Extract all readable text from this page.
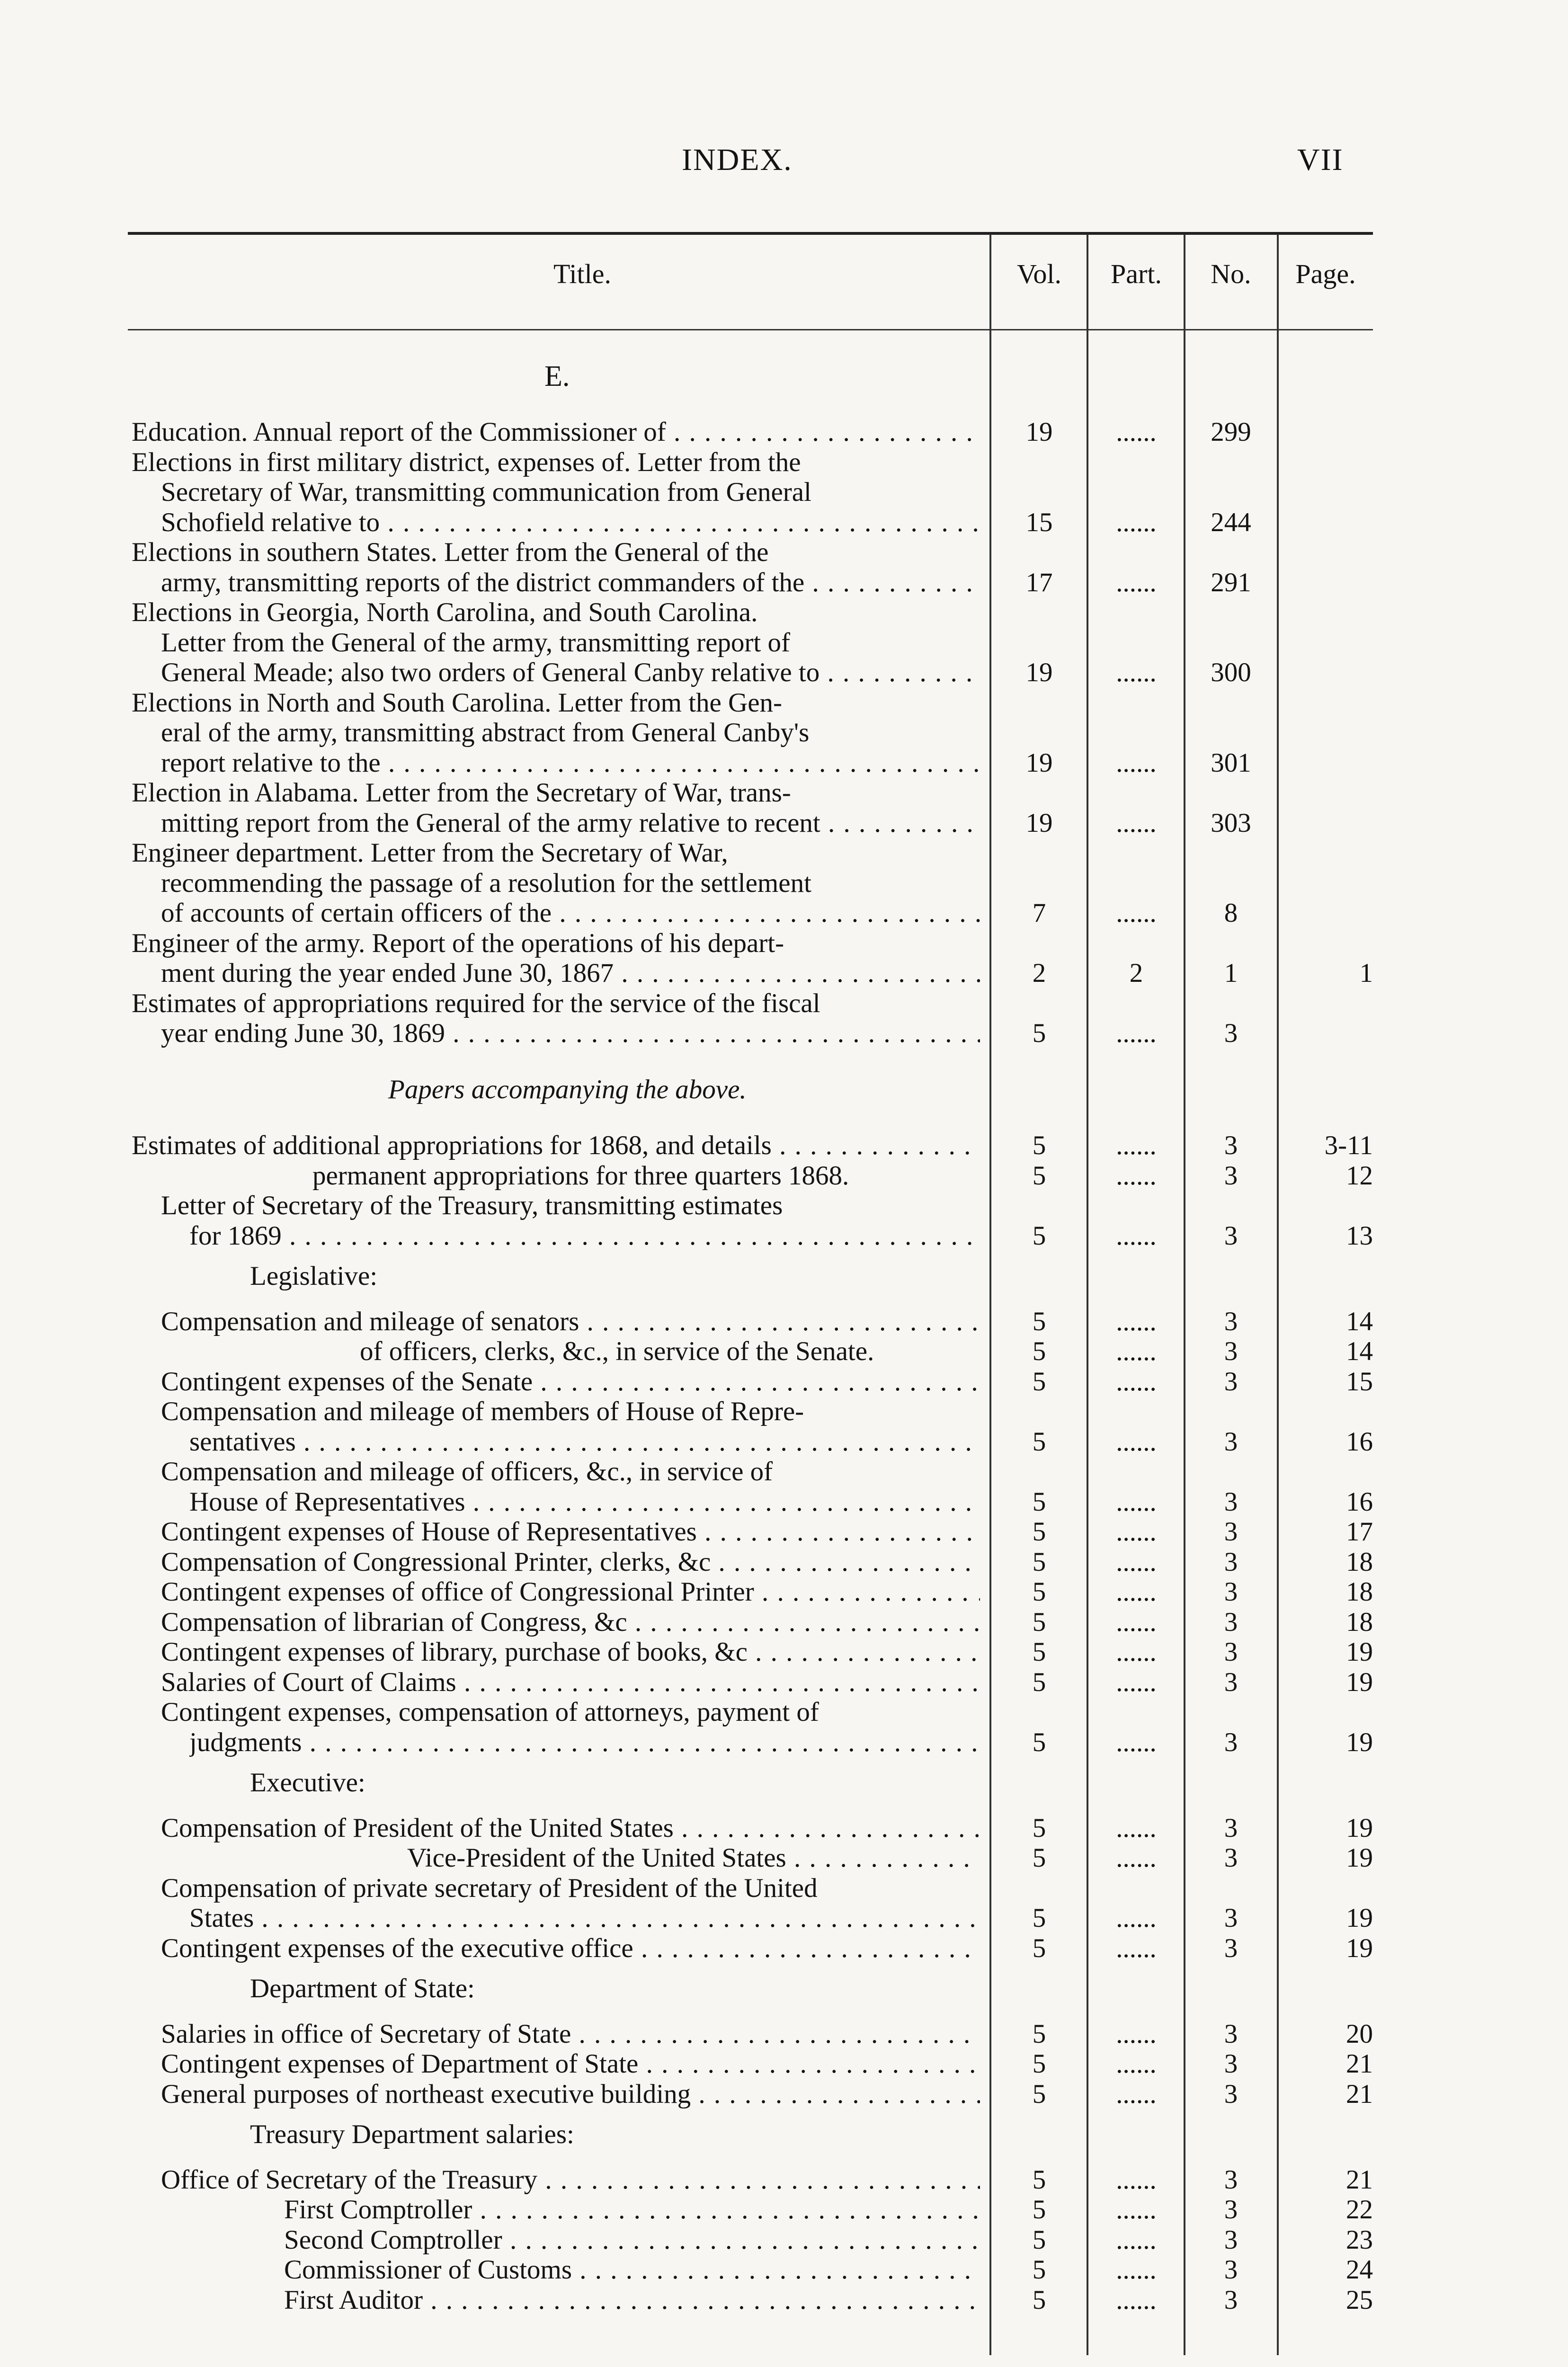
INDEX.	VII
Title.	Vol.	Part.	No.	Page.
E.
Education. Annual report of the Commissioner of . . .	19	......	299
Elections in first military district, expenses of. Letter from the
Secretary of War, transmitting communication from General
Schofield relative to . . .	15	......	244
Elections in southern States. Letter from the General of the
army, transmitting reports of the district commanders of the . . .	17	......	291
Elections in Georgia, North Carolina, and South Carolina.
Letter from the General of the army, transmitting report of
General Meade; also two orders of General Canby relative to . . .	19	......	300
Elections in North and South Carolina. Letter from the Gen-
eral of the army, transmitting abstract from General Canby's
report relative to the . . .	19	......	301
Election in Alabama. Letter from the Secretary of War, trans-
mitting report from the General of the army relative to recent . . .	19	......	303
Engineer department. Letter from the Secretary of War,
recommending the passage of a resolution for the settlement
of accounts of certain officers of the . . .	7	......	8
Engineer of the army. Report of the operations of his depart-
ment during the year ended June 30, 1867 . . .	2	2	1	1
Estimates of appropriations required for the service of the fiscal
year ending June 30, 1869 . . .	5	......	3
Papers accompanying the above.
Estimates of additional appropriations for 1868, and details . . .	5	......	3	3-11
permanent appropriations for three quarters 1868.	5	......	3	12
Letter of Secretary of the Treasury, transmitting estimates
for 1869 . . .	5	......	3	13
Legislative:
Compensation and mileage of senators . . .	5	......	3	14
of officers, clerks, &c., in service of the Senate.	5	......	3	14
Contingent expenses of the Senate . . .	5	......	3	15
Compensation and mileage of members of House of Repre-
sentatives . . .	5	......	3	16
Compensation and mileage of officers, &c., in service of
House of Representatives . . .	5	......	3	16
Contingent expenses of House of Representatives . . .	5	......	3	17
Compensation of Congressional Printer, clerks, &c . . .	5	......	3	18
Contingent expenses of office of Congressional Printer . . .	5	......	3	18
Compensation of librarian of Congress, &c . . .	5	......	3	18
Contingent expenses of library, purchase of books, &c . . .	5	......	3	19
Salaries of Court of Claims . . .	5	......	3	19
Contingent expenses, compensation of attorneys, payment of
judgments . . .	5	......	3	19
Executive:
Compensation of President of the United States . . .	5	......	3	19
Vice-President of the United States . . .	5	......	3	19
Compensation of private secretary of President of the United
States . . .	5	......	3	19
Contingent expenses of the executive office . . .	5	......	3	19
Department of State:
Salaries in office of Secretary of State . . .	5	......	3	20
Contingent expenses of Department of State . . .	5	......	3	21
General purposes of northeast executive building . . .	5	......	3	21
Treasury Department salaries:
Office of Secretary of the Treasury . . .	5	......	3	21
First Comptroller . . .	5	......	3	22
Second Comptroller . . .	5	......	3	23
Commissioner of Customs . . .	5	......	3	24
First Auditor . . .	5	......	3	25
